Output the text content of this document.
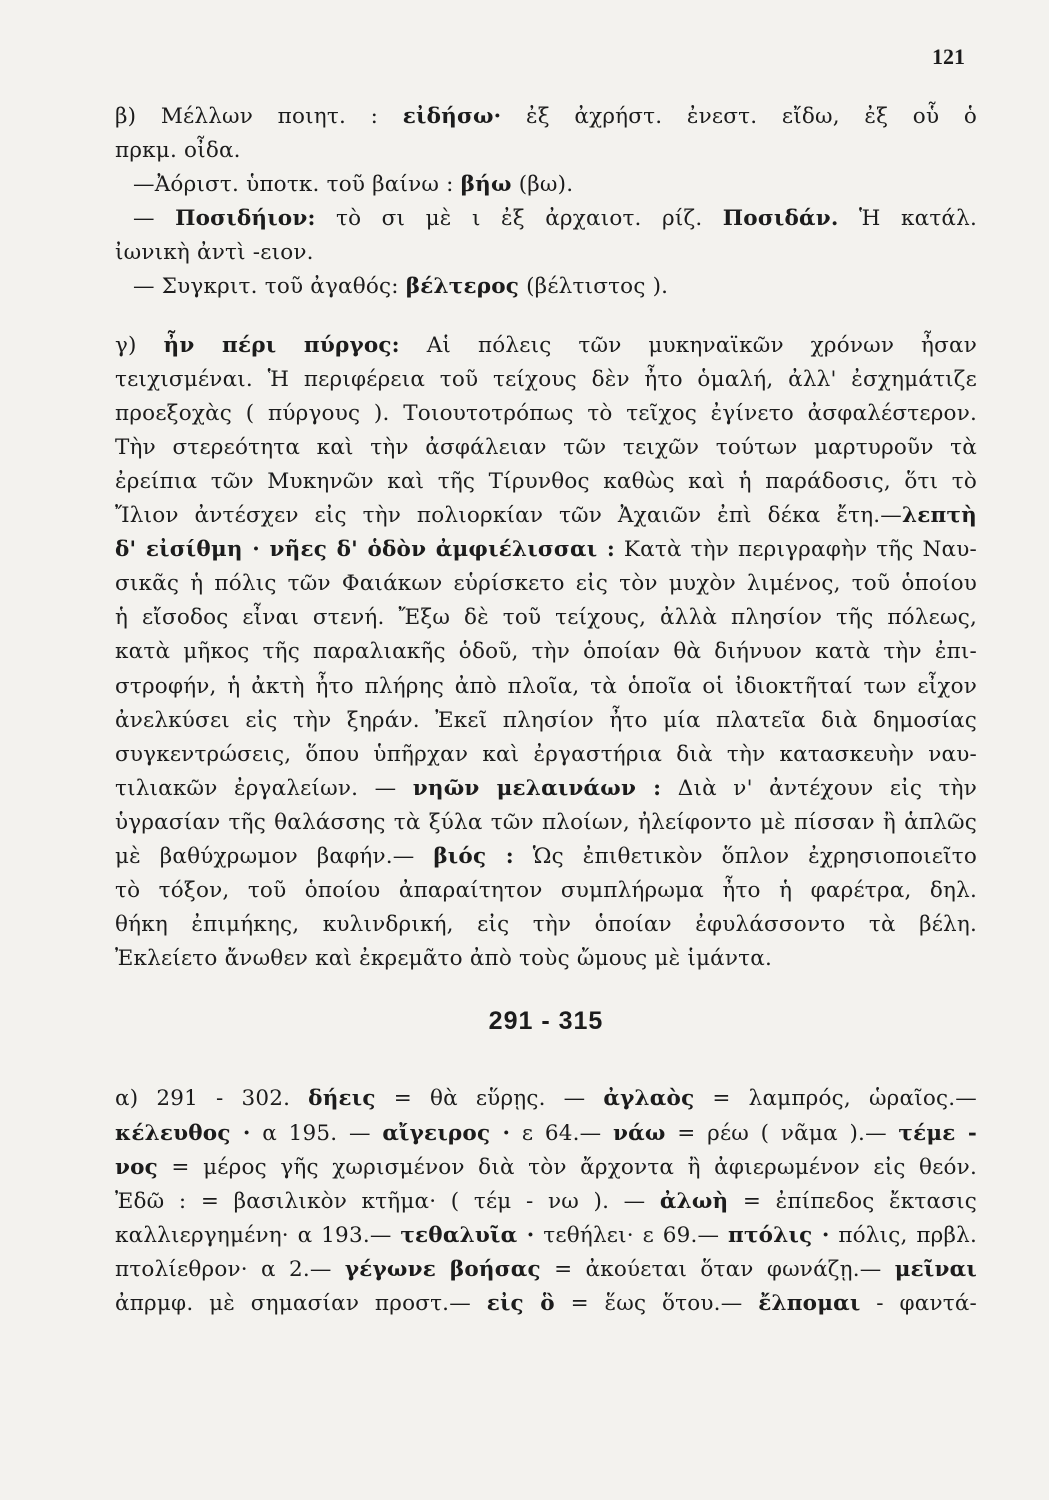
121
β) Μέλλων ποιητ. : εἰδήσω· ἐξ ἀχρήστ. ἐνεστ. εἴδω, ἐξ οὗ ὁ
πρκμ. οἶδα.
—Ἀόριστ. ὑποτκ. τοῦ βαίνω : βήω (βω).
— Ποσιδήιον: τὸ σι μὲ ι ἐξ ἀρχαιοτ. ρίζ. Ποσιδάν. Ἡ κατάλ.
ἰωνικὴ ἀντὶ -ειον.
— Συγκριτ. τοῦ ἀγαθός: βέλτερος (βέλτιστος ).
γ) ἦν πέρι πύργος: Αἱ πόλεις τῶν μυκηναϊκῶν χρόνων ἦσαν
τειχισμέναι. Ἡ περιφέρεια τοῦ τείχους δὲν ἦτο ὁμαλή, ἀλλ' ἐσχημάτιζε
προεξοχὰς ( πύργους ). Τοιουτοτρόπως τὸ τεῖχος ἐγίνετο ἀσφαλέστερον.
Τὴν στερεότητα καὶ τὴν ἀσφάλειαν τῶν τειχῶν τούτων μαρτυροῦν τὰ
ἐρείπια τῶν Μυκηνῶν καὶ τῆς Τίρυνθος καθὼς καὶ ἡ παράδοσις, ὅτι τὸ
Ἴλιον ἀντέσχεν εἰς τὴν πολιορκίαν τῶν Ἀχαιῶν ἐπὶ δέκα ἔτη.—λεπτὴ
δ' εἰσίθμη · νῆες δ' ὁδὸν ἀμφιέλισσαι : Κατὰ τὴν περιγραφὴν τῆς Ναυ-
σικᾶς ἡ πόλις τῶν Φαιάκων εὑρίσκετο εἰς τὸν μυχὸν λιμένος, τοῦ ὁποίου
ἡ εἴσοδος εἶναι στενή. Ἔξω δὲ τοῦ τείχους, ἀλλὰ πλησίον τῆς πόλεως,
κατὰ μῆκος τῆς παραλιακῆς ὁδοῦ, τὴν ὁποίαν θὰ διήνυον κατὰ τὴν ἐπι-
στροφήν, ἡ ἀκτὴ ἦτο πλήρης ἀπὸ πλοῖα, τὰ ὁποῖα οἱ ἰδιοκτῆταί των εἶχον
ἀνελκύσει εἰς τὴν ξηράν. Ἐκεῖ πλησίον ἦτο μία πλατεῖα διὰ δημοσίας
συγκεντρώσεις, ὅπου ὑπῆρχαν καὶ ἐργαστήρια διὰ τὴν κατασκευὴν ναυ-
τιλιακῶν ἐργαλείων. — νηῶν μελαινάων : Διὰ ν' ἀντέχουν εἰς τὴν
ὑγρασίαν τῆς θαλάσσης τὰ ξύλα τῶν πλοίων, ἠλείφοντο μὲ πίσσαν ἢ ἁπλῶς
μὲ βαθύχρωμον βαφήν.— βιός : Ὡς ἐπιθετικὸν ὅπλον ἐχρησιοποιεῖτο
τὸ τόξον, τοῦ ὁποίου ἀπαραίτητον συμπλήρωμα ἦτο ἡ φαρέτρα, δηλ.
θήκη ἐπιμήκης, κυλινδρική, εἰς τὴν ὁποίαν ἐφυλάσσοντο τὰ βέλη.
Ἐκλείετο ἄνωθεν καὶ ἐκρεμᾶτο ἀπὸ τοὺς ὤμους μὲ ἱμάντα.
291 - 315
α) 291 - 302. δήεις = θὰ εὕρῃς. — ἀγλαὸς = λαμπρός, ὡραῖος.—
κέλευθος · α 195. — αἴγειρος · ε 64.— νάω = ρέω ( νᾶμα ).— τέμε -
νος = μέρος γῆς χωρισμένον διὰ τὸν ἄρχοντα ἢ ἀφιερωμένον εἰς θεόν.
Ἐδῶ : = βασιλικὸν κτῆμα· ( τέμ - νω ). — ἀλωὴ = ἐπίπεδος ἔκτασις
καλλιεργημένη· α 193.— τεθαλυῖα · τεθήλει· ε 69.— πτόλις · πόλις, πρβλ.
πτολίεθρον· α 2.— γέγωνε βοήσας = ἀκούεται ὅταν φωνάζῃ.— μεῖναι
ἀπρμφ. μὲ σημασίαν προστ.— εἰς ὃ = ἕως ὅτου.— ἔλπομαι - φαντά-
